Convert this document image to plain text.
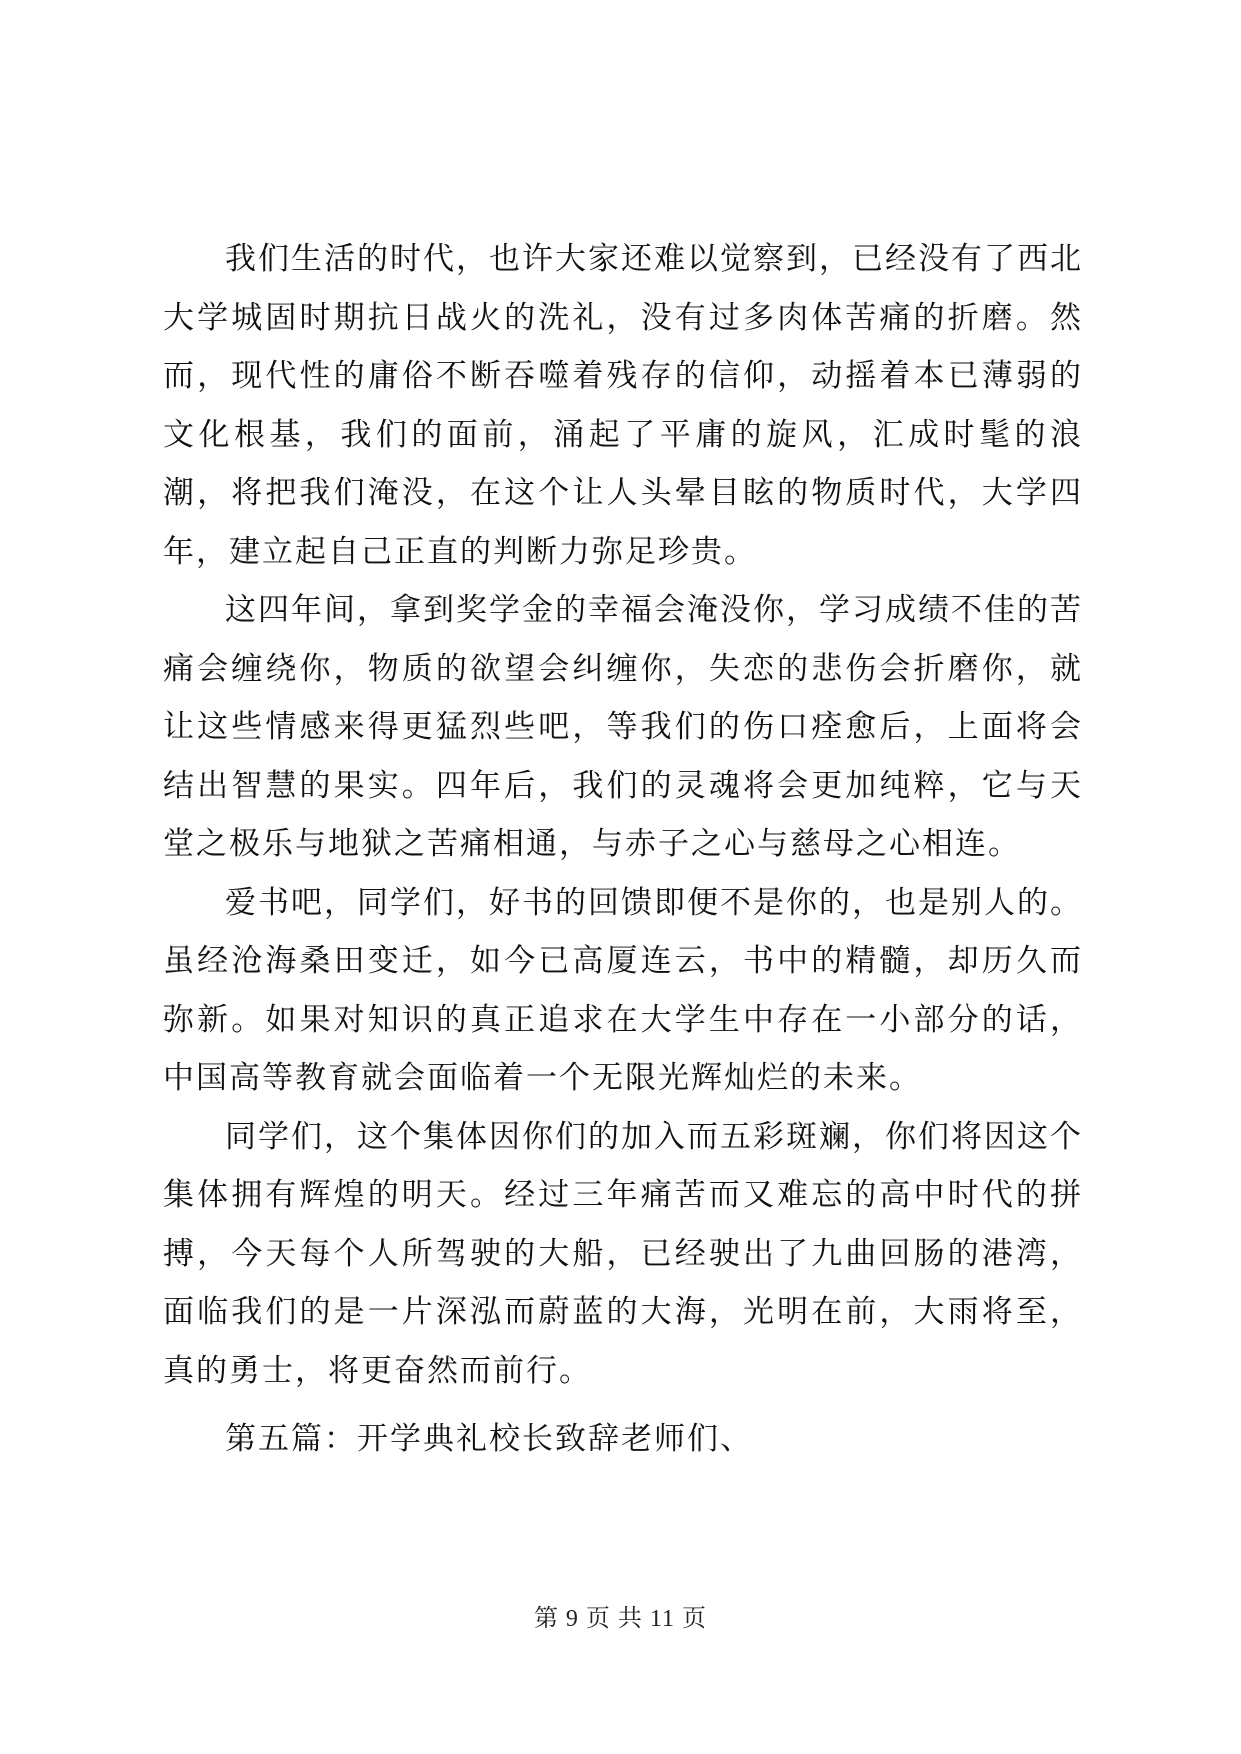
我们生活的时代，也许大家还难以觉察到，已经没有了西北大学城固时期抗日战火的洗礼，没有过多肉体苦痛的折磨。然而，现代性的庸俗不断吞噬着残存的信仰，动摇着本已薄弱的文化根基，我们的面前，涌起了平庸的旋风，汇成时髦的浪潮，将把我们淹没，在这个让人头晕目眩的物质时代，大学四年，建立起自己正直的判断力弥足珍贵。

这四年间，拿到奖学金的幸福会淹没你，学习成绩不佳的苦痛会缠绕你，物质的欲望会纠缠你，失恋的悲伤会折磨你，就让这些情感来得更猛烈些吧，等我们的伤口痊愈后，上面将会结出智慧的果实。四年后，我们的灵魂将会更加纯粹，它与天堂之极乐与地狱之苦痛相通，与赤子之心与慈母之心相连。

爱书吧，同学们，好书的回馈即便不是你的，也是别人的。虽经沧海桑田变迁，如今已高厦连云，书中的精髓，却历久而弥新。如果对知识的真正追求在大学生中存在一小部分的话，中国高等教育就会面临着一个无限光辉灿烂的未来。

同学们，这个集体因你们的加入而五彩斑斓，你们将因这个集体拥有辉煌的明天。经过三年痛苦而又难忘的高中时代的拼搏，今天每个人所驾驶的大船，已经驶出了九曲回肠的港湾，面临我们的是一片深泓而蔚蓝的大海，光明在前，大雨将至，真的勇士，将更奋然而前行。

第五篇：开学典礼校长致辞老师们、

第 9 页 共 11 页
